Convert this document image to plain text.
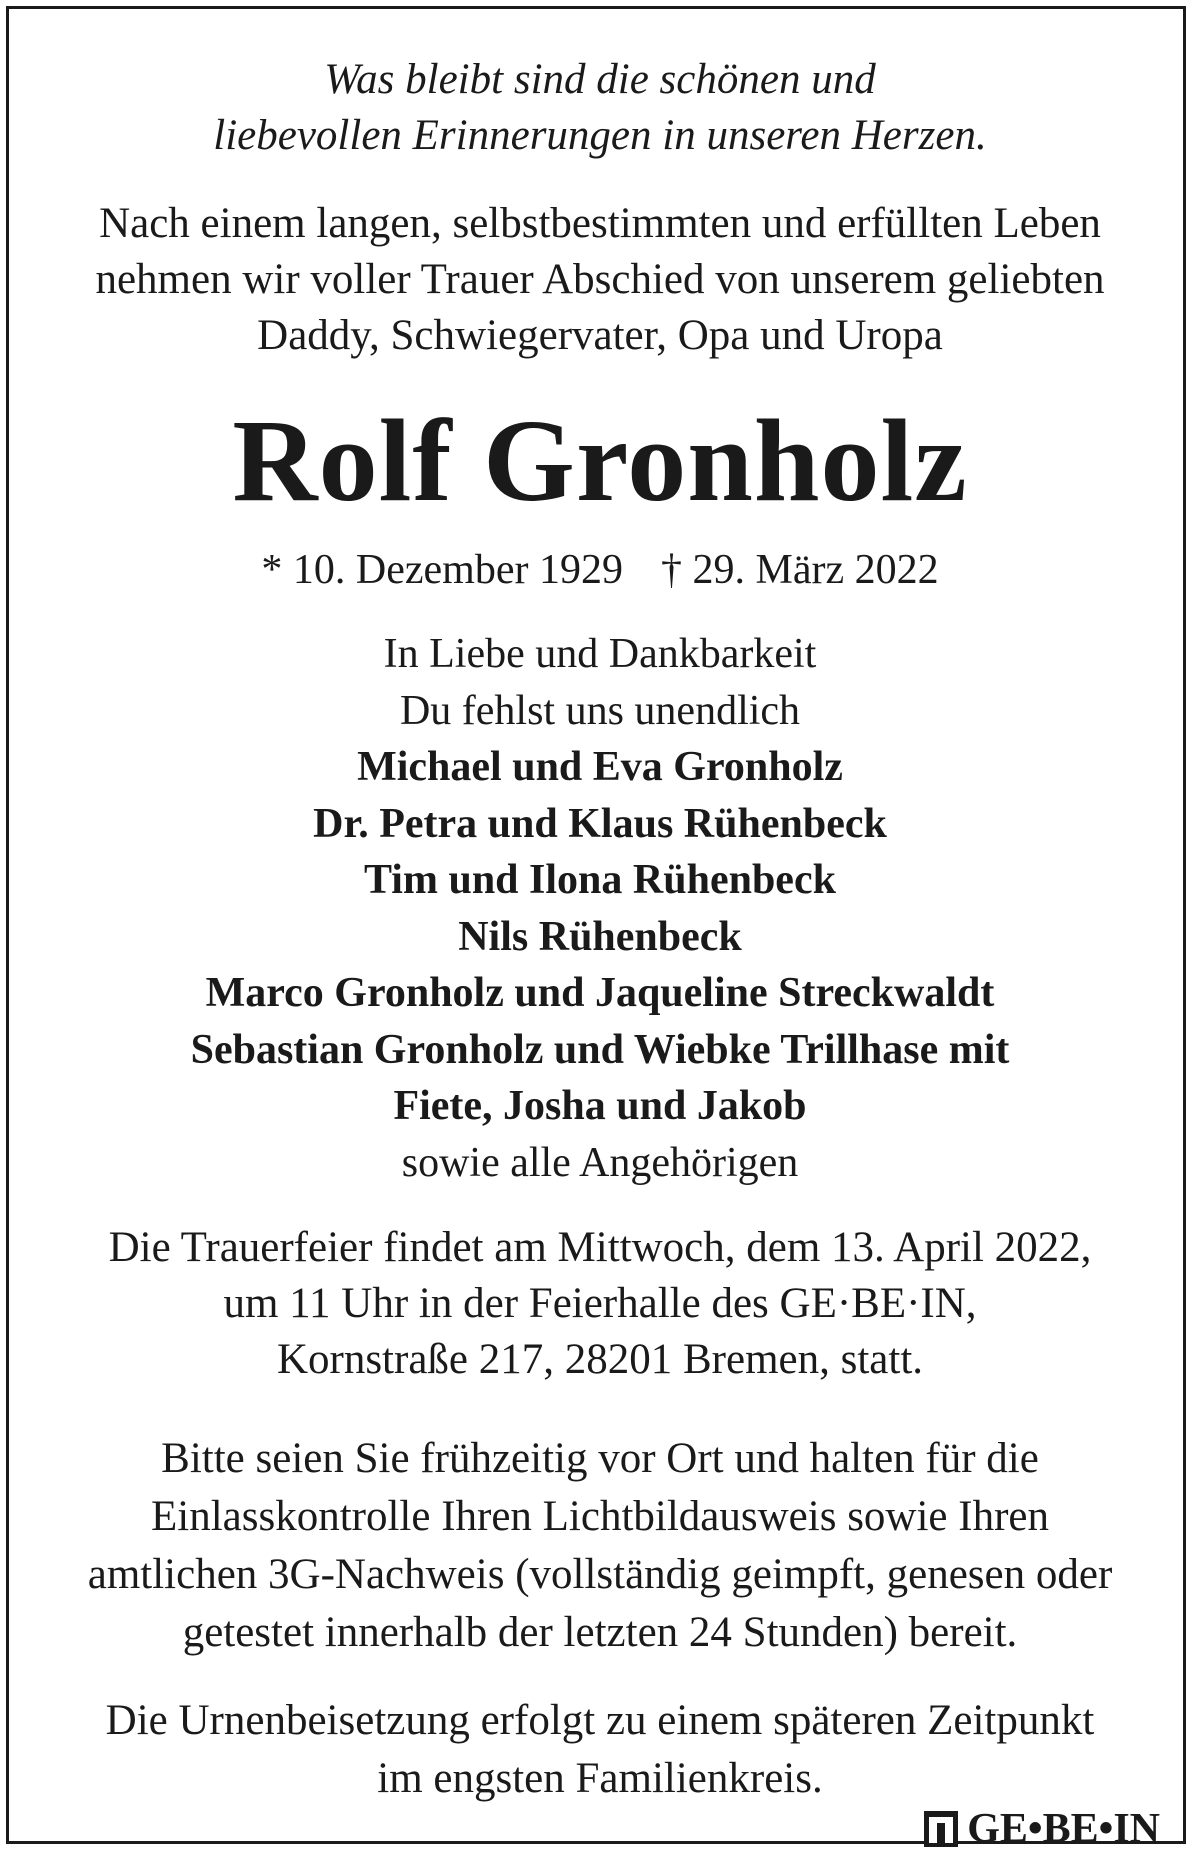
Was bleibt sind die schönen und
liebevollen Erinnerungen in unseren Herzen.
Nach einem langen, selbstbestimmten und erfüllten Leben
nehmen wir voller Trauer Abschied von unserem geliebten
Daddy, Schwiegervater, Opa und Uropa
Rolf Gronholz
* 10. Dezember 1929 † 29. März 2022
In Liebe und Dankbarkeit
Du fehlst uns unendlich
Michael und Eva Gronholz
Dr. Petra und Klaus Rühenbeck
Tim und Ilona Rühenbeck
Nils Rühenbeck
Marco Gronholz und Jaqueline Streckwaldt
Sebastian Gronholz und Wiebke Trillhase mit
Fiete, Josha und Jakob
sowie alle Angehörigen
Die Trauerfeier findet am Mittwoch, dem 13. April 2022,
um 11 Uhr in der Feierhalle des GE·BE·IN,
Kornstraße 217, 28201 Bremen, statt.
Bitte seien Sie frühzeitig vor Ort und halten für die
Einlasskontrolle Ihren Lichtbildausweis sowie Ihren
amtlichen 3G-Nachweis (vollständig geimpft, genesen oder
getestet innerhalb der letzten 24 Stunden) bereit.
Die Urnenbeisetzung erfolgt zu einem späteren Zeitpunkt
im engsten Familienkreis.
GE•BE•IN
